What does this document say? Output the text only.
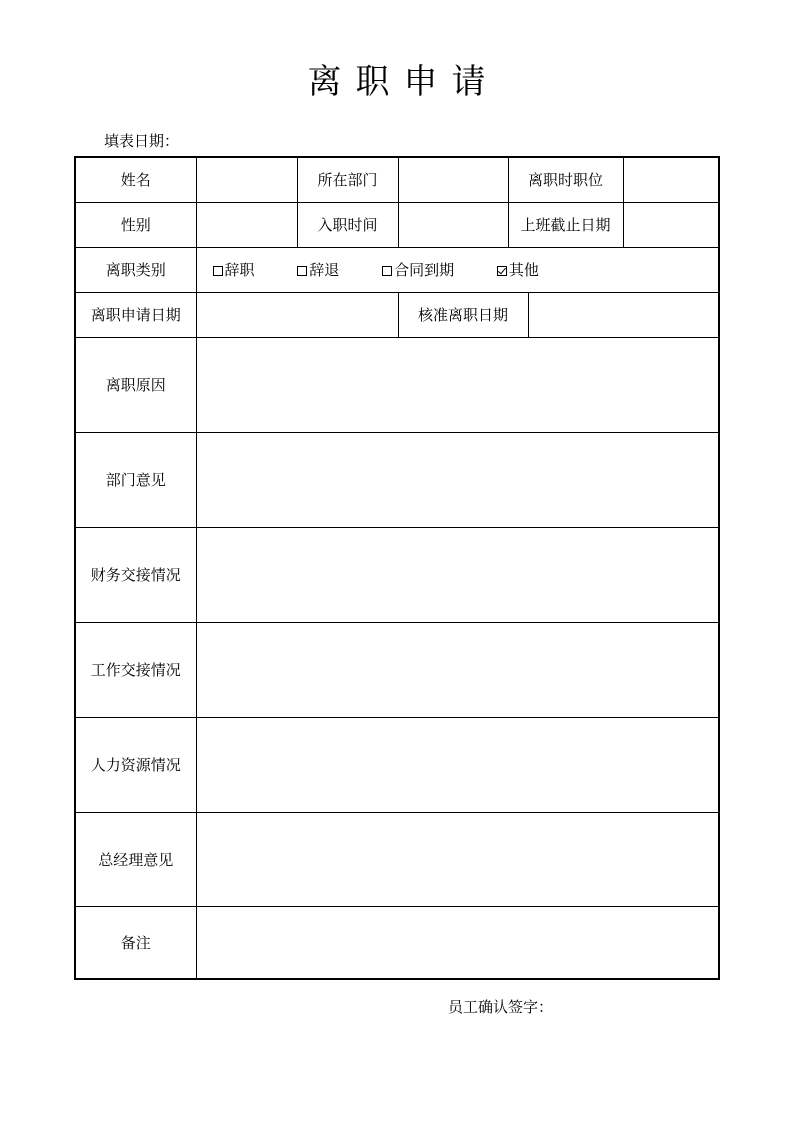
离职申请
填表日期：
姓名		所在部门		离职时职位		
性别		入职时间		上班截止日期		
离职类别	辞职 辞退 合同到期 其他					
离职申请日期			核准离职日期			
离职原因						
部门意见						
财务交接情况						
工作交接情况						
人力资源情况						
总经理意见						
备注						
员工确认签字：
